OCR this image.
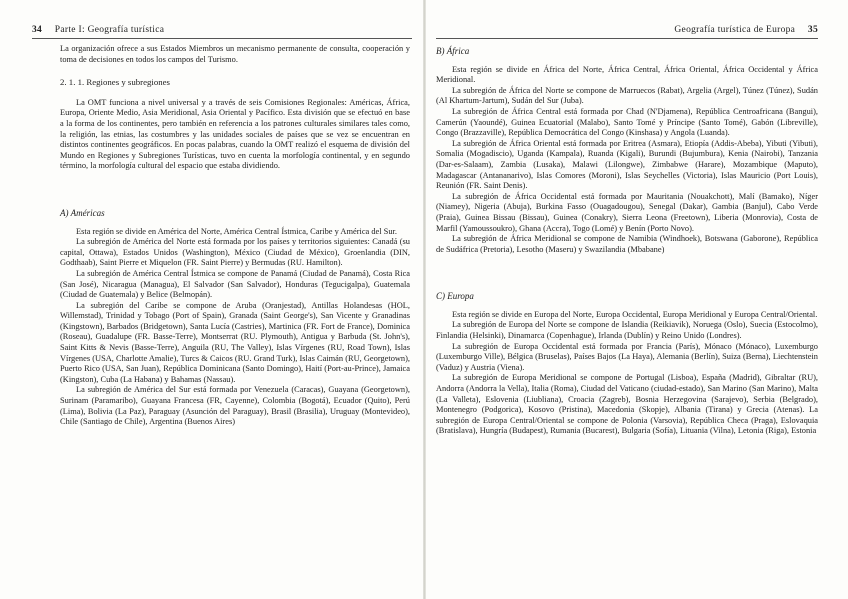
34 Parte I: Geografía turística

La organización ofrece a sus Estados Miembros un mecanismo permanente de consulta, cooperación y toma de decisiones en todos los campos del Turismo.

2. 1. 1. Regiones y subregiones

La OMT funciona a nivel universal y a través de seis Comisiones Regionales: Américas, África, Europa, Oriente Medio, Asia Meridional, Asia Oriental y Pacífico. Esta división que se efectuó en base a la forma de los continentes, pero también en referencia a los patrones culturales similares tales como, la religión, las etnias, las costumbres y las unidades sociales de países que se vez se encuentran en distintos continentes geográficos. En pocas palabras, cuando la OMT realizó el esquema de división del Mundo en Regiones y Subregiones Turísticas, tuvo en cuenta la morfología continental, y en segundo término, la morfología cultural del espacio que estaba dividiendo.

A) Américas

Esta región se divide en América del Norte, América Central Ístmica, Caribe y América del Sur.

La subregión de América del Norte está formada por los países y territorios siguientes: Canadá (su capital, Ottawa), Estados Unidos (Washington), México (Ciudad de México), Groenlandia (DIN, Godthaab), Saint Pierre et Miquelon (FR. Saint Pierre) y Bermudas (RU. Hamilton).

La subregión de América Central Ístmica se compone de Panamá (Ciudad de Panamá), Costa Rica (San José), Nicaragua (Managua), El Salvador (San Salvador), Honduras (Tegucigalpa), Guatemala (Ciudad de Guatemala) y Belice (Belmopán).

La subregión del Caribe se compone de Aruba (Oranjestad), Antillas Holandesas (HOL, Willemstad), Trinidad y Tobago (Port of Spain), Granada (Saint George's), San Vicente y Granadinas (Kingstown), Barbados (Bridgetown), Santa Lucía (Castries), Martinica (FR. Fort de France), Dominica (Roseau), Guadalupe (FR. Basse-Terre), Montserrat (RU. Plymouth), Antigua y Barbuda (St. John's), Saint Kitts & Nevis (Basse-Terre), Anguila (RU, The Valley), Islas Vírgenes (RU, Road Town), Islas Vírgenes (USA, Charlotte Amalie), Turcs & Caicos (RU. Grand Turk), Islas Caimán (RU, Georgetown), Puerto Rico (USA, San Juan), República Dominicana (Santo Domingo), Haití (Port-au-Prince), Jamaica (Kingston), Cuba (La Habana) y Bahamas (Nassau).

La subregión de América del Sur está formada por Venezuela (Caracas), Guayana (Georgetown), Surinam (Paramaribo), Guayana Francesa (FR, Cayenne), Colombia (Bogotá), Ecuador (Quito), Perú (Lima), Bolivia (La Paz), Paraguay (Asunción del Paraguay), Brasil (Brasilia), Uruguay (Montevideo), Chile (Santiago de Chile), Argentina (Buenos Aires)

Geografía turística de Europa 35
B) África

Esta región se divide en África del Norte, África Central, África Oriental, África Occidental y África Meridional.

La subregión de África del Norte se compone de Marruecos (Rabat), Argelia (Argel), Túnez (Túnez), Sudán (Al Khartum-Jartum), Sudán del Sur (Juba).

La subregión de África Central está formada por Chad (N'Djamena), República Centroafricana (Bangui), Camerún (Yaoundé), Guinea Ecuatorial (Malabo), Santo Tomé y Príncipe (Santo Tomé), Gabón (Libreville), Congo (Brazzaville), República Democrática del Congo (Kinshasa) y Angola (Luanda).

La subregión de África Oriental está formada por Eritrea (Asmara), Etiopía (Addis-Abeba), Yibuti (Yibuti), Somalia (Mogadiscio), Uganda (Kampala), Ruanda (Kigali), Burundi (Bujumbura), Kenia (Nairobi), Tanzania (Dar-es-Salaam), Zambia (Lusaka), Malawi (Lilongwe), Zimbabwe (Harare), Mozambique (Maputo), Madagascar (Antananarivo), Islas Comores (Moroni), Islas Seychelles (Victoria), Islas Mauricio (Port Louis), Reunión (FR. Saint Denis).

La subregión de África Occidental está formada por Mauritania (Nouakchott), Malí (Bamako), Níger (Niamey), Nigeria (Abuja), Burkina Fasso (Ouagadougou), Senegal (Dakar), Gambia (Banjul), Cabo Verde (Praia), Guinea Bissau (Bissau), Guinea (Conakry), Sierra Leona (Freetown), Liberia (Monrovia), Costa de Marfil (Yamoussoukro), Ghana (Accra), Togo (Lomé) y Benín (Porto Novo).

La subregión de África Meridional se compone de Namibia (Windhoek), Botswana (Gaborone), República de Sudáfrica (Pretoria), Lesotho (Maseru) y Swazilandia (Mbabane)

C) Europa

Esta región se divide en Europa del Norte, Europa Occidental, Europa Meridional y Europa Central/Oriental.

La subregión de Europa del Norte se compone de Islandia (Reikiavik), Noruega (Oslo), Suecia (Estocolmo), Finlandia (Helsinki), Dinamarca (Copenhague), Irlanda (Dublín) y Reino Unido (Londres).

La subregión de Europa Occidental está formada por Francia (París), Mónaco (Mónaco), Luxemburgo (Luxemburgo Ville), Bélgica (Bruselas), Países Bajos (La Haya), Alemania (Berlín), Suiza (Berna), Liechtenstein (Vaduz) y Austria (Viena).

La subregión de Europa Meridional se compone de Portugal (Lisboa), España (Madrid), Gibraltar (RU), Andorra (Andorra la Vella), Italia (Roma), Ciudad del Vaticano (ciudad-estado), San Marino (San Marino), Malta (La Valleta), Eslovenia (Liubliana), Croacia (Zagreb), Bosnia Herzegovina (Sarajevo), Serbia (Belgrado), Montenegro (Podgorica), Kosovo (Pristina), Macedonia (Skopje), Albania (Tirana) y Grecia (Atenas). La subregión de Europa Central/Oriental se compone de Polonia (Varsovia), República Checa (Praga), Eslovaquia (Bratislava), Hungría (Budapest), Rumania (Bucarest), Bulgaria (Sofía), Lituania (Vilna), Letonia (Riga), Estonia
